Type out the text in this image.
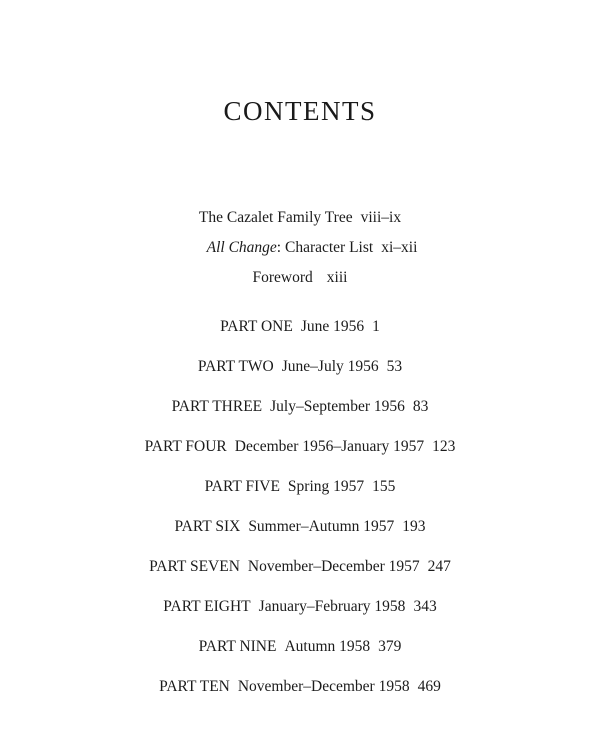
CONTENTS
The Cazalet Family Tree viii–ix
All Change: Character List xi–xii
Foreword xiii
PART ONE June 1956 1
PART TWO June–July 1956 53
PART THREE July–September 1956 83
PART FOUR December 1956–January 1957 123
PART FIVE Spring 1957 155
PART SIX Summer–Autumn 1957 193
PART SEVEN November–December 1957 247
PART EIGHT January–February 1958 343
PART NINE Autumn 1958 379
PART TEN November–December 1958 469
